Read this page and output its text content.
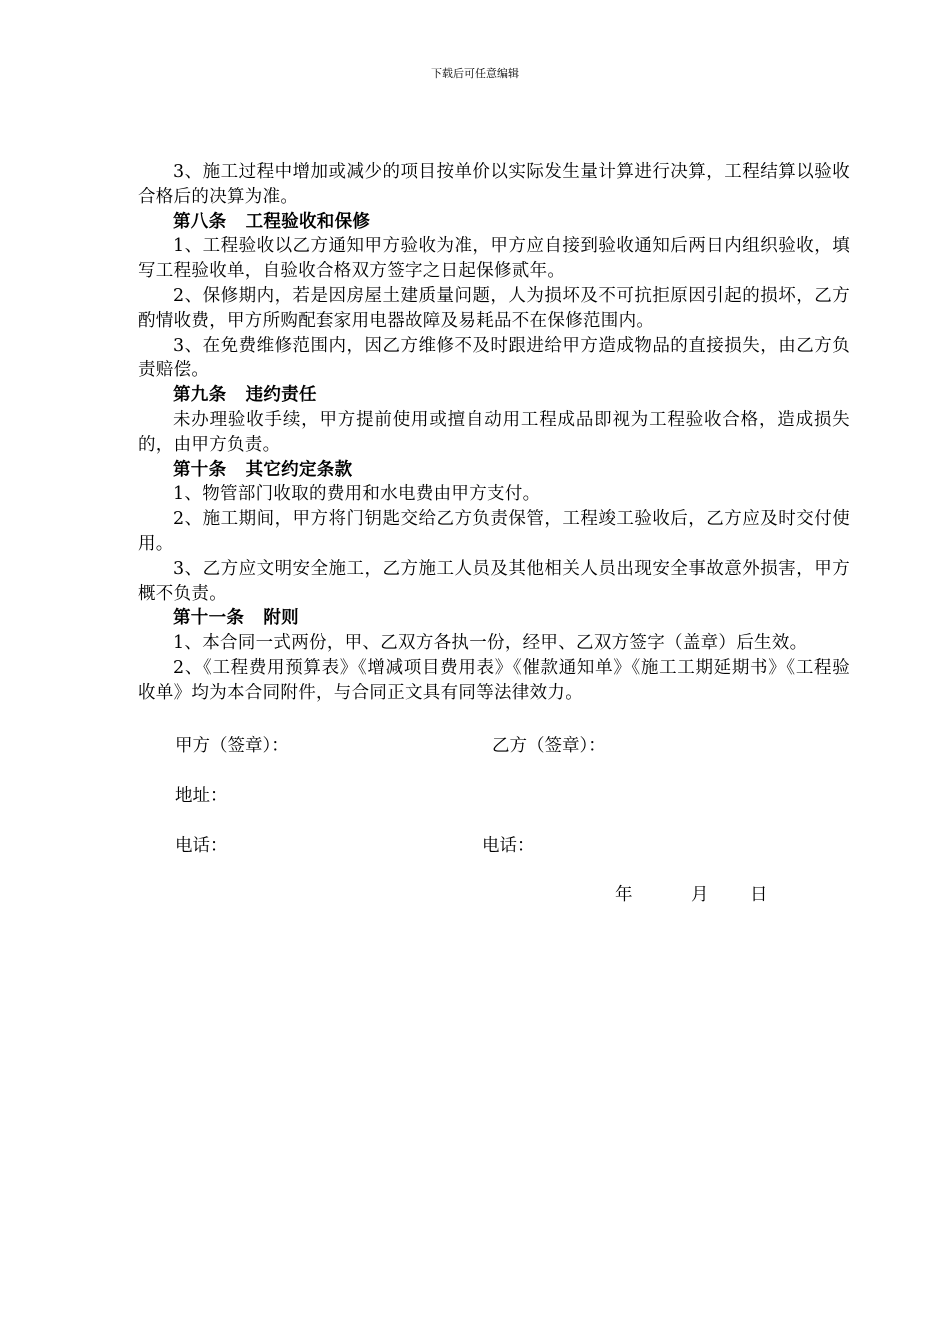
下载后可任意编辑

3、施工过程中增加或减少的项目按单价以实际发生量计算进行决算，工程结算以验收合格后的决算为准。

第八条   工程验收和保修

1、工程验收以乙方通知甲方验收为准，甲方应自接到验收通知后两日内组织验收，填写工程验收单，自验收合格双方签字之日起保修贰年。

2、保修期内，若是因房屋土建质量问题，人为损坏及不可抗拒原因引起的损坏，乙方酌情收费，甲方所购配套家用电器故障及易耗品不在保修范围内。

3、在免费维修范围内，因乙方维修不及时跟进给甲方造成物品的直接损失，由乙方负责赔偿。

第九条   违约责任

未办理验收手续，甲方提前使用或擅自动用工程成品即视为工程验收合格，造成损失的，由甲方负责。

第十条   其它约定条款

1、物管部门收取的费用和水电费由甲方支付。

2、施工期间，甲方将门钥匙交给乙方负责保管，工程竣工验收后，乙方应及时交付使用。

3、乙方应文明安全施工，乙方施工人员及其他相关人员出现安全事故意外损害，甲方概不负责。

第十一条   附则

1、本合同一式两份，甲、乙双方各执一份，经甲、乙双方签字（盖章）后生效。

2、《工程费用预算表》《增减项目费用表》《催款通知单》《施工工期延期书》《工程验收单》均为本合同附件，与合同正文具有同等法律效力。

甲方（签章）：	乙方（签章）：
地址：
电话：	电话：
年	月 日
